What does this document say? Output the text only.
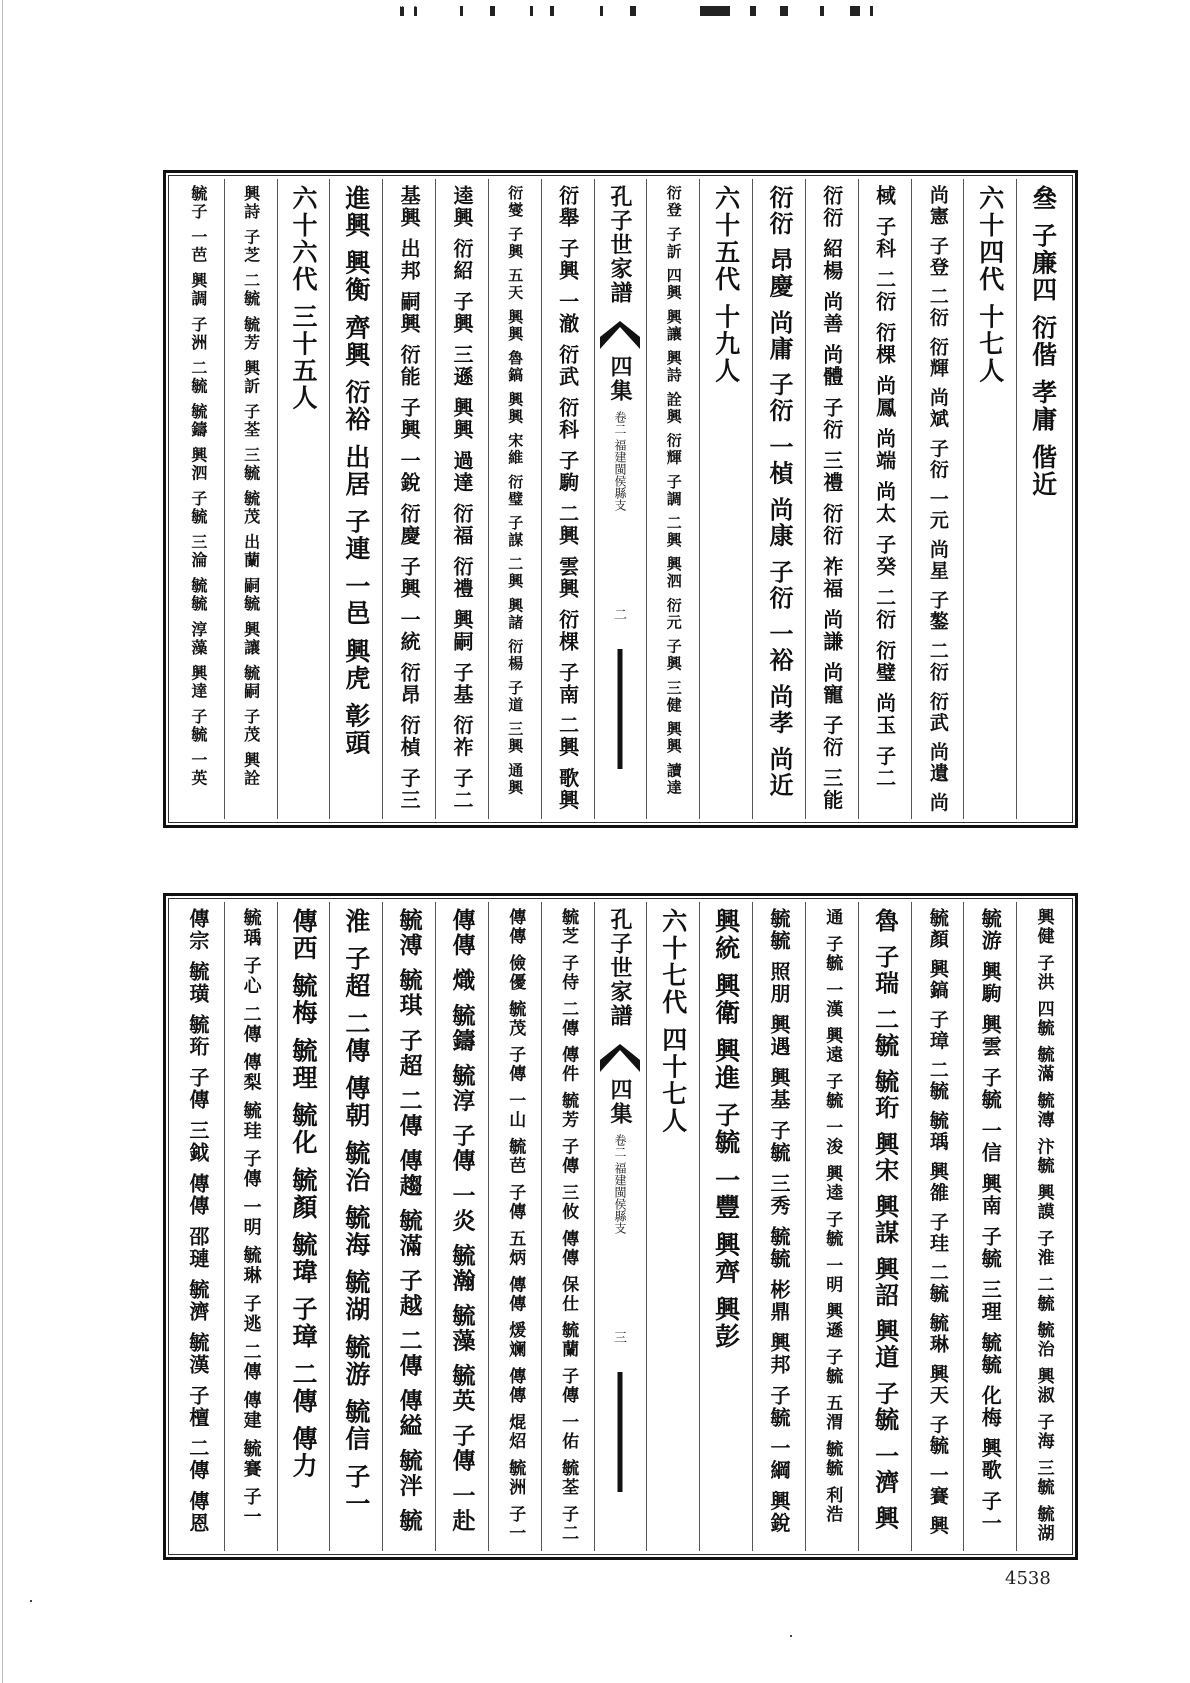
叄 子廉四 衍偕 孝庸 偕近
六十四代 十七人
尚憲 子登 二衍 衍輝 尚斌 子衍 一元 尚星 子鏊 二衍 衍武 尚遺 尚
棫 子科 二衍 衍棵 尚鳳 尚端 尚太 子癸 二衍 衍璧 尚玉 子二
衍衍 紹楊 尚善 尚體 子衍 三禮 衍衍 祚福 尚謙 尚寵 子衍 三能
衍衍 昂慶 尚庸 子衍 一楨 尚康 子衍 一裕 尚孝 尚近
六十五代 十九人
衍登 子訢 四興 興讓 興詩 詮興 衍輝 子調 二興 興泗 衍元 子興 三健 興興 讀達
孔子世家譜
四集
卷二 福建閩侯縣支
二
衍舉 子興 一澈 衍武 衍科 子駒 二興 雲興 衍棵 子南 二興 歌興
衍燮 子興 五天 興興 魯鎬 興興 宋維 衍璧 子謀 二興 興諸 衍楊 子道 三興 通興
逵興 衍紹 子興 三遜 興興 過達 衍福 衍禮 興嗣 子基 衍祚 子二
基興 出邦 嗣興 衍能 子興 一銳 衍慶 子興 一統 衍昂 衍楨 子三
進興 興衡 齊興 衍裕 出居 子連 一邑 興虎 彰頭
六十六代 三十五人
興詩 子芝 二毓 毓芳 興訢 子荃 三毓 毓茂 出蘭 嗣毓 興讓 毓嗣 子茂 興詮
毓子 一芭 興調 子洲 二毓 毓鑄 興泗 子毓 三淪 毓毓 淳藻 興達 子毓 一英
興健 子洪 四毓 毓滿 毓漙 汴毓 興謨 子淮 二毓 毓治 興淑 子海 三毓 毓湖
毓游 興駒 興雲 子毓 一信 興南 子毓 三理 毓毓 化梅 興歌 子一
毓顏 興鎬 子璋 二毓 毓瑀 興雒 子珪 二毓 毓琳 興天 子毓 一賽 興
魯 子瑞 二毓 毓珩 興宋 興謀 興詔 興道 子毓 一濟 興
通 子毓 一漢 興遠 子毓 一浚 興逵 子毓 一明 興遜 子毓 五渭 毓毓 利浩
毓毓 照朋 興遇 興基 子毓 三秀 毓毓 彬鼎 興邦 子毓 一綱 興銳
興統 興衛 興進 子毓 一豐 興齊 興彭
六十七代 四十七人
孔子世家譜
四集
卷二 福建閩侯縣支
三
毓芝 子侍 二傳 傳件 毓芳 子傳 三攸 傳傳 保仕 毓蘭 子傳 一佑 毓荃 子二
傳傳 儉優 毓茂 子傳 一山 毓芭 子傳 五炳 傳傳 煖斓 傳傳 焜炤 毓洲 子一
傳傳 熾 毓鑄 毓淳 子傳 一炎 毓瀚 毓藻 毓英 子傳 一赴
毓溥 毓琪 子超 二傳 傳趨 毓滿 子越 二傳 傳縊 毓泮 毓
淮 子超 二傳 傳朝 毓治 毓海 毓湖 毓游 毓信 子一
傳西 毓梅 毓理 毓化 毓顏 毓瑋 子璋 二傳 傳力
毓瑀 子心 二傳 傳梨 毓珪 子傳 一明 毓琳 子逃 二傳 傳建 毓賽 子一
傳宗 毓璜 毓珩 子傳 三鉞 傳傳 邵璉 毓濟 毓漢 子檀 二傳 傳恩
4538
ll ..ll. ll.. .l. ..l.l
